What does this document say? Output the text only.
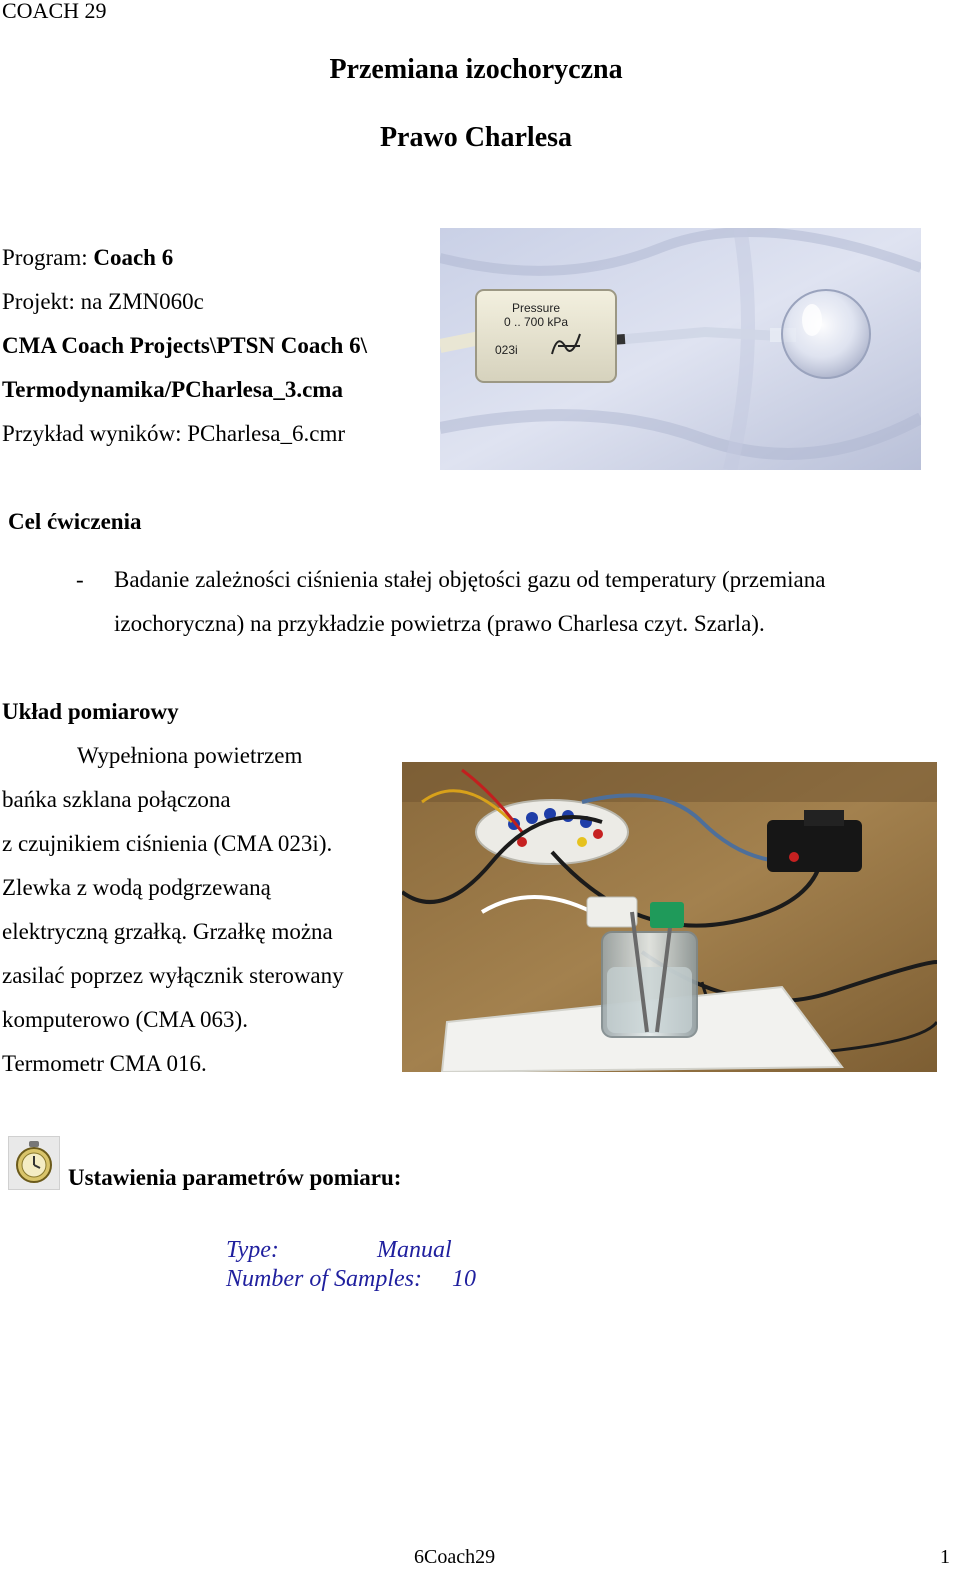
COACH 29
Przemiana izochoryczna
Prawo Charlesa
Program: Coach 6
Projekt: na ZMN060c
CMA Coach Projects\PTSN Coach 6\
Termodynamika/PCharlesa_3.cma
Przykład wyników: PCharlesa_6.cmr
Pressure
0 .. 700 kPa
023i
Cel ćwiczenia
- Badanie zależności ciśnienia stałej objętości gazu od temperatury (przemiana
izochoryczna) na przykładzie powietrza (prawo Charlesa czyt. Szarla).
Układ pomiarowy
Wypełniona powietrzem
bańka szklana połączona
z czujnikiem ciśnienia (CMA 023i).
Zlewka z wodą podgrzewaną
elektryczną grzałką. Grzałkę można
zasilać poprzez wyłącznik sterowany
komputerowo (CMA 063).
Termometr CMA 016.
Ustawienia parametrów pomiaru:
Type:	Manual
Number of Samples: 10
6Coach29	1
